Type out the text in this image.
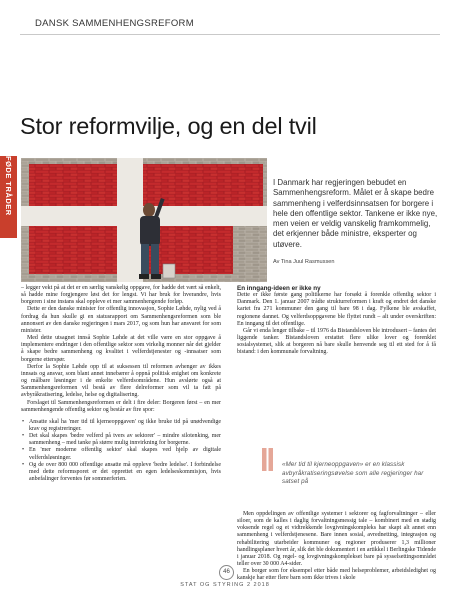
DANSK SAMMENHENGSREFORM
Stor reformvilje, og en del tvil
FØDE TRÅDER	I Danmark har regjeringen bebudet en Sammenhengsreform. Målet er å skape bedre sammenheng i velferdsinnsatsen for borgere i hele den offentlige sektor. Tankene er ikke nye, men veien er veldig vanskelig framkommelig, det erkjenner både ministre, eksperter og utøvere.
Av Tina Juul Rasmussen

– legger vekt på at det er en særlig vanskelig oppgave, for hadde det vært så enkelt, så hadde mine forgjengere løst det for lengst. Vi har bruk for hverandre, hvis borgeren i sine instans skal oppleve et mer sammenhengende forløp.

Dette er den danske minister for offentlig innovasjon, Sophie Løhde, nylig ved å fordrag da hun skulle gi en statusrapport om Sammenhengsreformen som ble annonsert av den danske regjeringen i mars 2017, og som hun har ansvaret for som minister.

Med dette utsagnet innså Sophie Løhde at det ville være en stor oppgave å implementere endringer i den offentlige sektor som virkelig monner når det gjelder å skape bedre sammenheng og kvalitet i velferdstjenester og -innsatser som borgerne etterspør.

Derfor la Sophie Løhde opp til at suksessen til reformen avhenger av ikkes innsats og ansvar, som blant annet innebærer å oppnå politisk enighet om konkrete og målbare løsninger i de enkelte velferdsområdene. Hun avslørte også at Sammenhengsreformen vil bestå av flere delreformer som vil ta fatt på avbyråkratisering, ledelse, helse og digitalisering.

Forslaget til Sammenhengsreformen er delt i fire deler: Borgeren først – en mer sammenhengende offentlig sektor og består av fire spor:

• Ansatte skal ha 'mer tid til kjerneoppgaven' og ikke bruke tid på unødvendige krav og registreringer.
• Det skal skapes 'bedre velferd på tvers av sektorer' – mindre silotenking, mer sammenheng – med tanke på større mulig innvirkning for borgerne.
• En 'mer moderne offentlig sektor' skal skapes ved hjelp av digitale velferdsløsninger.
• Og de over 800 000 offentlige ansatte må oppleve 'bedre ledelse'. I forbindelse med dette reformsporet er det opprettet en egen ledelseskommisjon, hvis anbefalinger forventes før sommerferien.
En inngang-ideen er ikke ny

Dette er ikke første gang politikerne har forsøkt å forenkle offentlig sektor i Danmark. Den 1. januar 2007 trådte strukturreformen i kraft og endret det danske kartet fra 271 kommuner den gang til bare 98 i dag. Fylkene ble avskaffet, regionene dannet. Og velferdsoppgavene ble flyttet rundt – alt under overskriften: En inngang til det offentlige.

Går vi enda lenger tilbake – til 1976 da Bistandsloven ble introdusert – fantes det liggende tanker. Bistandsloven erstattet flere ulike lover og forenklet sosialsystemet, slik at borgeren nå bare skulle henvende seg til ett sted for å få bistand: i den kommunale forvaltning.

«Mer tid til kjerneoppgaven» er en klassisk avbyråkratiseringsøvelse som alle regjeringer har satset på

Men oppdelingen av offentlige systemer i sektorer og fagforvaltninger – eller siloer, som de kalles i daglig forvaltningsmessig tale – kombinert med en stadig voksende regel og et vidtrekkende lovgivningskompleks har skapt alt annet enn sammenheng i velferdstjenesene. Bare innen sosial, avrednetting, integrasjon og rehabilitering utarbeider kommuner og regioner produserer 1,3 millioner handlingsplaner hvert år, slik det ble dokumentert i en artikkel i Berlingske Tidende i januar 2018. Og regel- og lovgivningskomplekset bare på sysselsettingsområdet teller over 30 000 A4-sider.

En borger som for eksempel etter både med helseproblemer, arbeidsledighet og kanskje har etter flere barn som ikke trives i skole

46
STAT OG STYRING 2 2018
